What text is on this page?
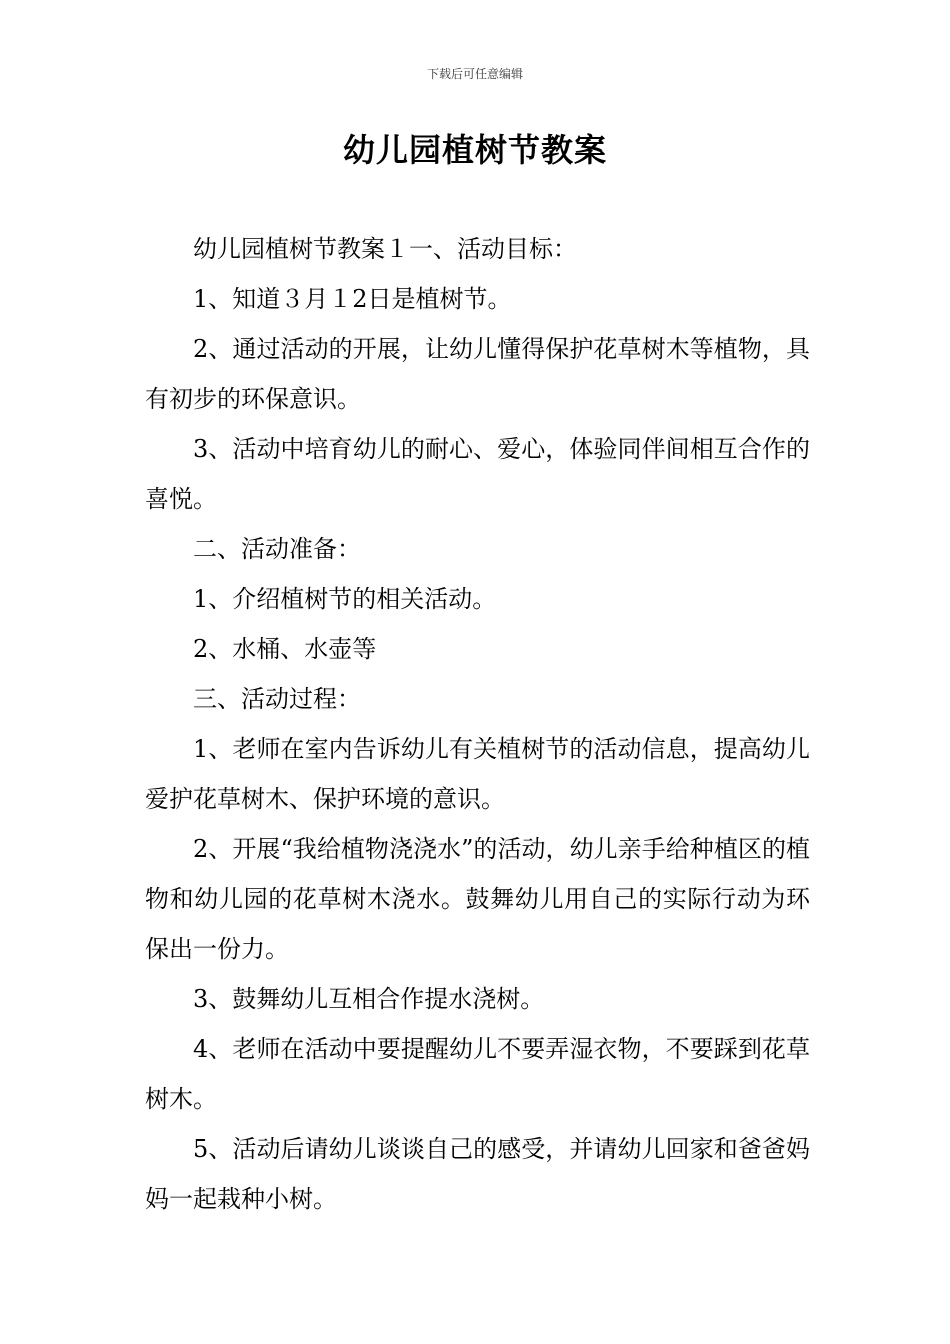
下载后可任意编辑
幼儿园植树节教案

幼儿园植树节教案１一、活动目标：

1、知道３月１2日是植树节。

2、通过活动的开展，让幼儿懂得保护花草树木等植物，具有初步的环保意识。

3、活动中培育幼儿的耐心、爱心，体验同伴间相互合作的喜悦。

二、活动准备：

1、介绍植树节的相关活动。

2、水桶、水壶等

三、活动过程：

1、老师在室内告诉幼儿有关植树节的活动信息，提高幼儿爱护花草树木、保护环境的意识。

2、开展“我给植物浇浇水”的活动，幼儿亲手给种植区的植物和幼儿园的花草树木浇水。鼓舞幼儿用自己的实际行动为环保出一份力。

3、鼓舞幼儿互相合作提水浇树。

4、老师在活动中要提醒幼儿不要弄湿衣物，不要踩到花草树木。

5、活动后请幼儿谈谈自己的感受，并请幼儿回家和爸爸妈妈一起栽种小树。
